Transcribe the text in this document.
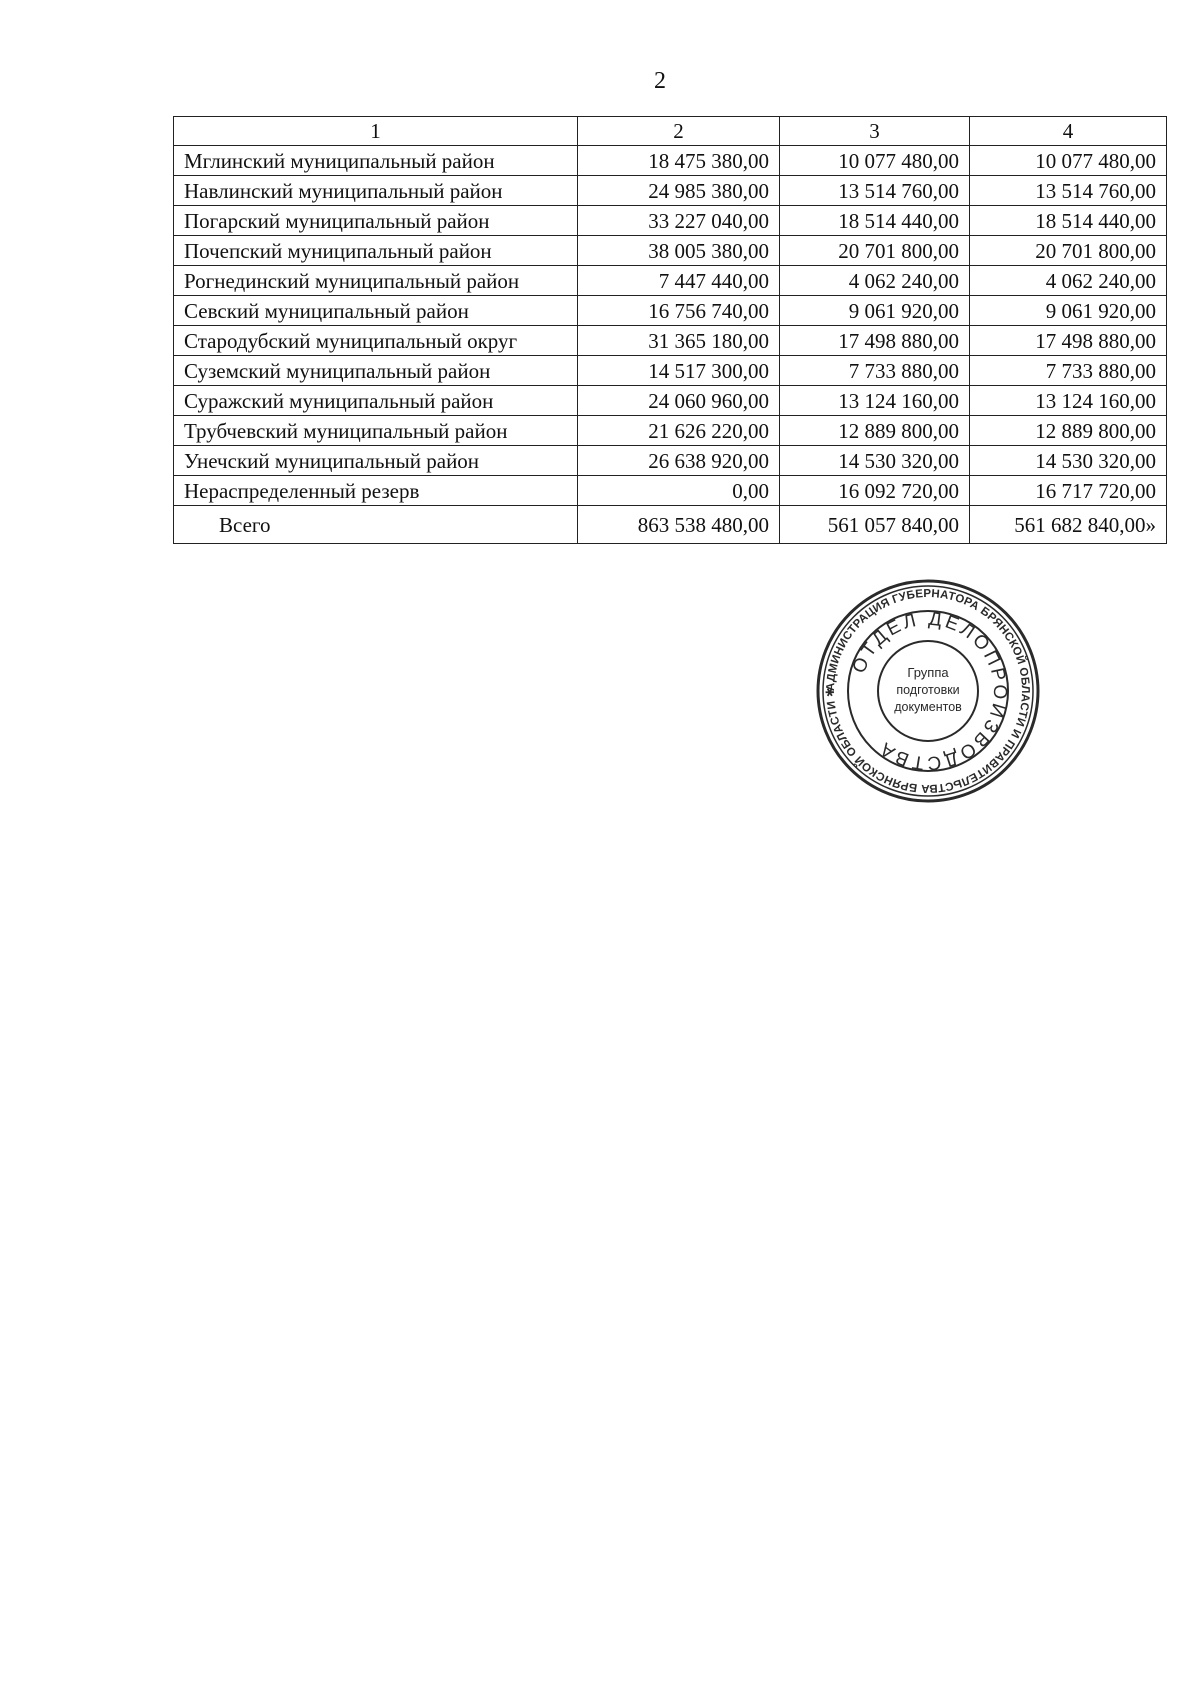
2
1	2	3	4
Мглинский муниципальный район	18 475 380,00	10 077 480,00	10 077 480,00
Навлинский муниципальный район	24 985 380,00	13 514 760,00	13 514 760,00
Погарский муниципальный район	33 227 040,00	18 514 440,00	18 514 440,00
Почепский муниципальный район	38 005 380,00	20 701 800,00	20 701 800,00
Рогнединский муниципальный район	7 447 440,00	4 062 240,00	4 062 240,00
Севский муниципальный район	16 756 740,00	9 061 920,00	9 061 920,00
Стародубский муниципальный округ	31 365 180,00	17 498 880,00	17 498 880,00
Суземский муниципальный район	14 517 300,00	7 733 880,00	7 733 880,00
Суражский муниципальный район	24 060 960,00	13 124 160,00	13 124 160,00
Трубчевский муниципальный район	21 626 220,00	12 889 800,00	12 889 800,00
Унечский муниципальный район	26 638 920,00	14 530 320,00	14 530 320,00
Нераспределенный резерв	0,00	16 092 720,00	16 717 720,00
Всего	863 538 480,00	561 057 840,00	561 682 840,00»
АДМИНИСТРАЦИЯ ГУБЕРНАТОРА БРЯНСКОЙ ОБЛАСТИ И ПРАВИТЕЛЬСТВА БРЯНСКОЙ ОБЛАСТИ ✱
ОТДЕЛ ДЕЛОПРОИЗВОДСТВА
Группа
подготовки
документов
